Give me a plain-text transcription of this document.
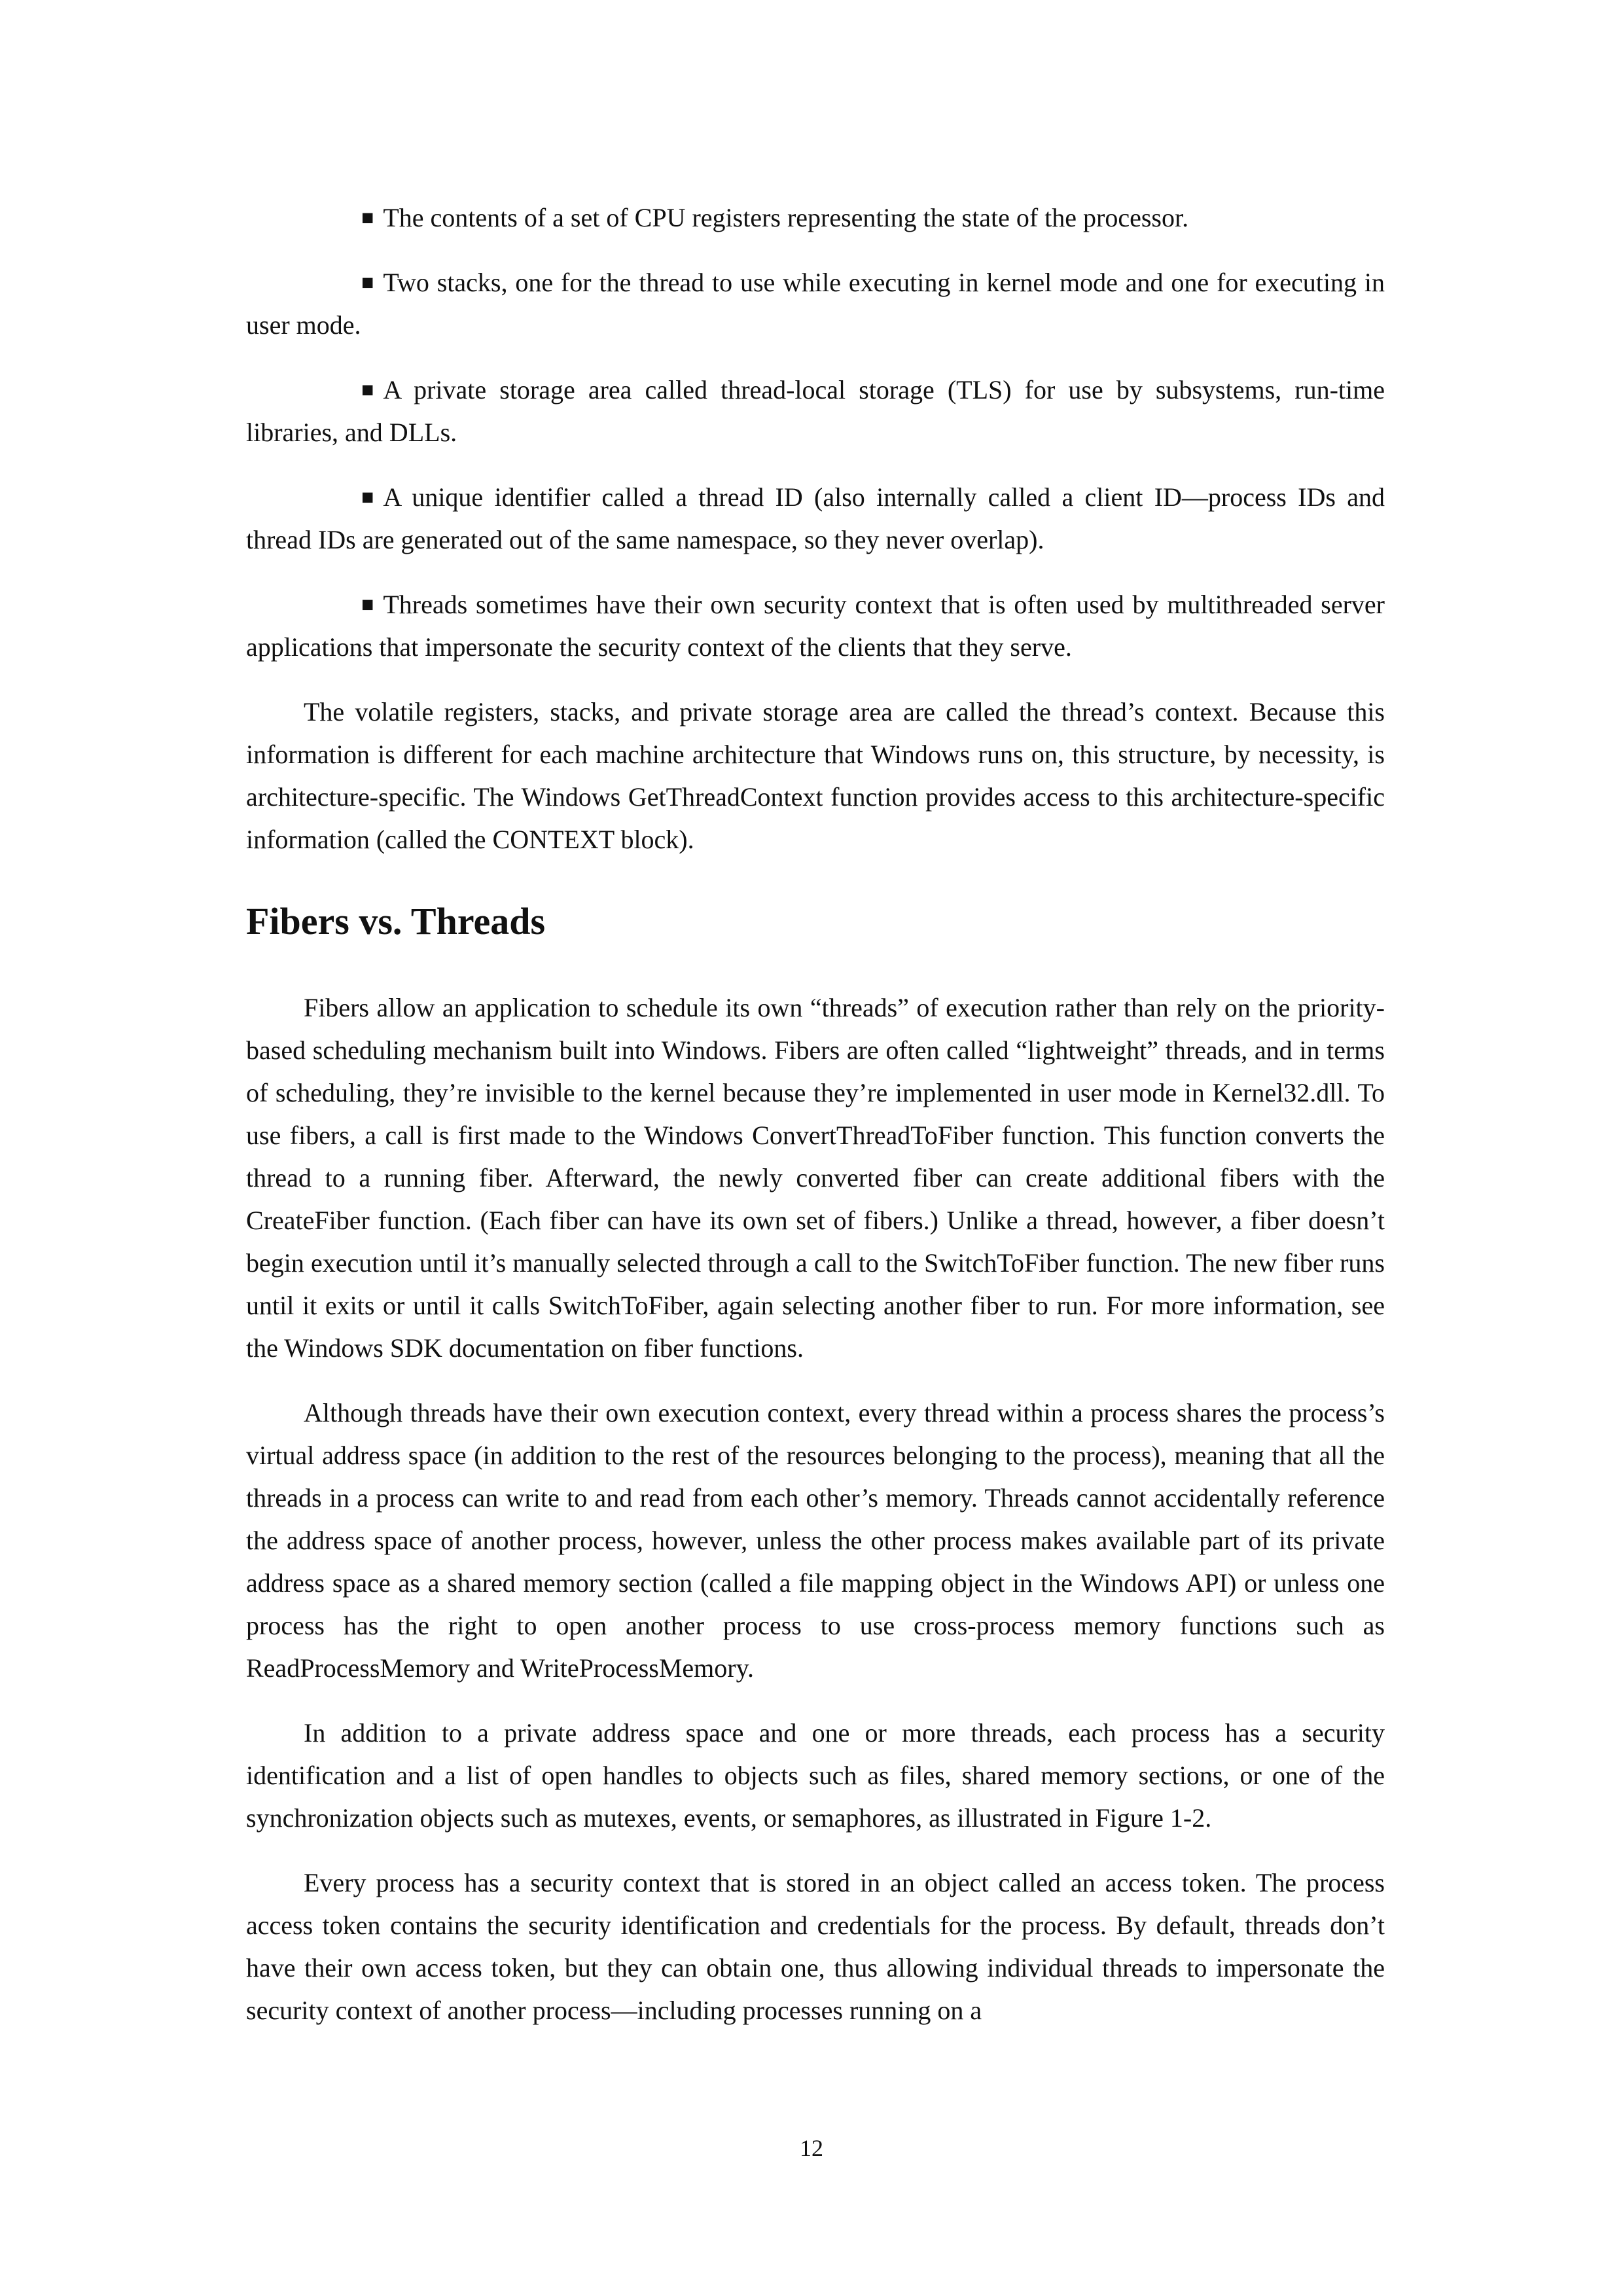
■ The contents of a set of CPU registers representing the state of the processor.

■ Two stacks, one for the thread to use while executing in kernel mode and one for executing in user mode.

■ A private storage area called thread-local storage (TLS) for use by subsystems, run-time libraries, and DLLs.

■ A unique identifier called a thread ID (also internally called a client ID—process IDs and thread IDs are generated out of the same namespace, so they never overlap).

■ Threads sometimes have their own security context that is often used by multithreaded server applications that impersonate the security context of the clients that they serve.

The volatile registers, stacks, and private storage area are called the thread’s context. Because this information is different for each machine architecture that Windows runs on, this structure, by necessity, is architecture-specific. The Windows GetThreadContext function provides access to this architecture-specific information (called the CONTEXT block).

Fibers vs. Threads

Fibers allow an application to schedule its own “threads” of execution rather than rely on the priority-based scheduling mechanism built into Windows. Fibers are often called “lightweight” threads, and in terms of scheduling, they’re invisible to the kernel because they’re implemented in user mode in Kernel32.dll. To use fibers, a call is first made to the Windows ConvertThreadToFiber function. This function converts the thread to a running fiber. Afterward, the newly converted fiber can create additional fibers with the CreateFiber function. (Each fiber can have its own set of fibers.) Unlike a thread, however, a fiber doesn’t begin execution until it’s manually selected through a call to the SwitchToFiber function. The new fiber runs until it exits or until it calls SwitchToFiber, again selecting another fiber to run. For more information, see the Windows SDK documentation on fiber functions.

Although threads have their own execution context, every thread within a process shares the process’s virtual address space (in addition to the rest of the resources belonging to the process), meaning that all the threads in a process can write to and read from each other’s memory. Threads cannot accidentally reference the address space of another process, however, unless the other process makes available part of its private address space as a shared memory section (called a file mapping object in the Windows API) or unless one process has the right to open another process to use cross-process memory functions such as ReadProcessMemory and WriteProcessMemory.

In addition to a private address space and one or more threads, each process has a security identification and a list of open handles to objects such as files, shared memory sections, or one of the synchronization objects such as mutexes, events, or semaphores, as illustrated in Figure 1-2.

Every process has a security context that is stored in an object called an access token. The process access token contains the security identification and credentials for the process. By default, threads don’t have their own access token, but they can obtain one, thus allowing individual threads to impersonate the security context of another process—including processes running on a

12
